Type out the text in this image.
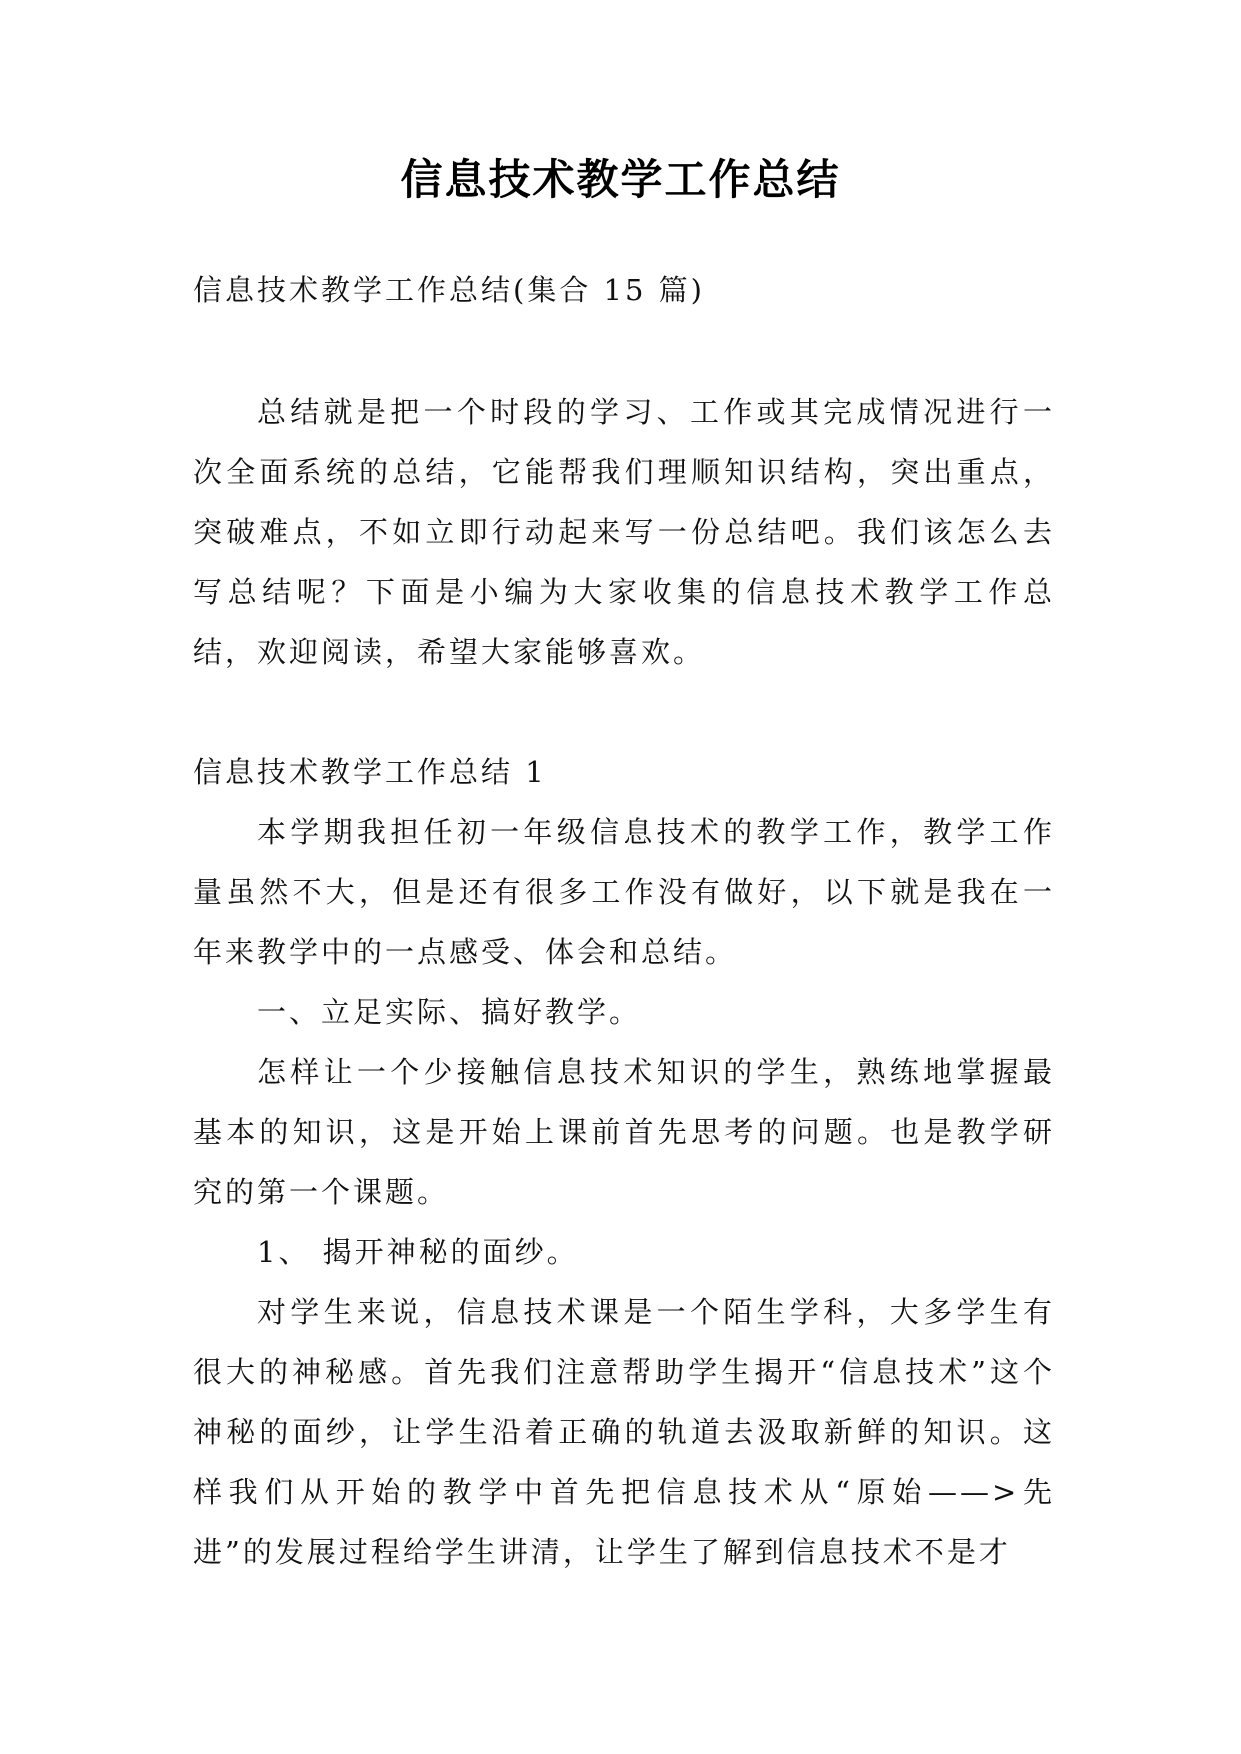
信息技术教学工作总结

信息技术教学工作总结(集合 15 篇)

总结就是把一个时段的学习、工作或其完成情况进行一次全面系统的总结，它能帮我们理顺知识结构，突出重点，突破难点，不如立即行动起来写一份总结吧。我们该怎么去写总结呢？下面是小编为大家收集的信息技术教学工作总结，欢迎阅读，希望大家能够喜欢。

信息技术教学工作总结 1

本学期我担任初一年级信息技术的教学工作，教学工作量虽然不大，但是还有很多工作没有做好，以下就是我在一年来教学中的一点感受、体会和总结。

一、立足实际、搞好教学。

怎样让一个少接触信息技术知识的学生，熟练地掌握最基本的知识，这是开始上课前首先思考的问题。也是教学研究的第一个课题。

1、 揭开神秘的面纱。

对学生来说，信息技术课是一个陌生学科，大多学生有很大的神秘感。首先我们注意帮助学生揭开“信息技术”这个神秘的面纱，让学生沿着正确的轨道去汲取新鲜的知识。这样我们从开始的教学中首先把信息技术从“原始——>先进”的发展过程给学生讲清，让学生了解到信息技术不是才
